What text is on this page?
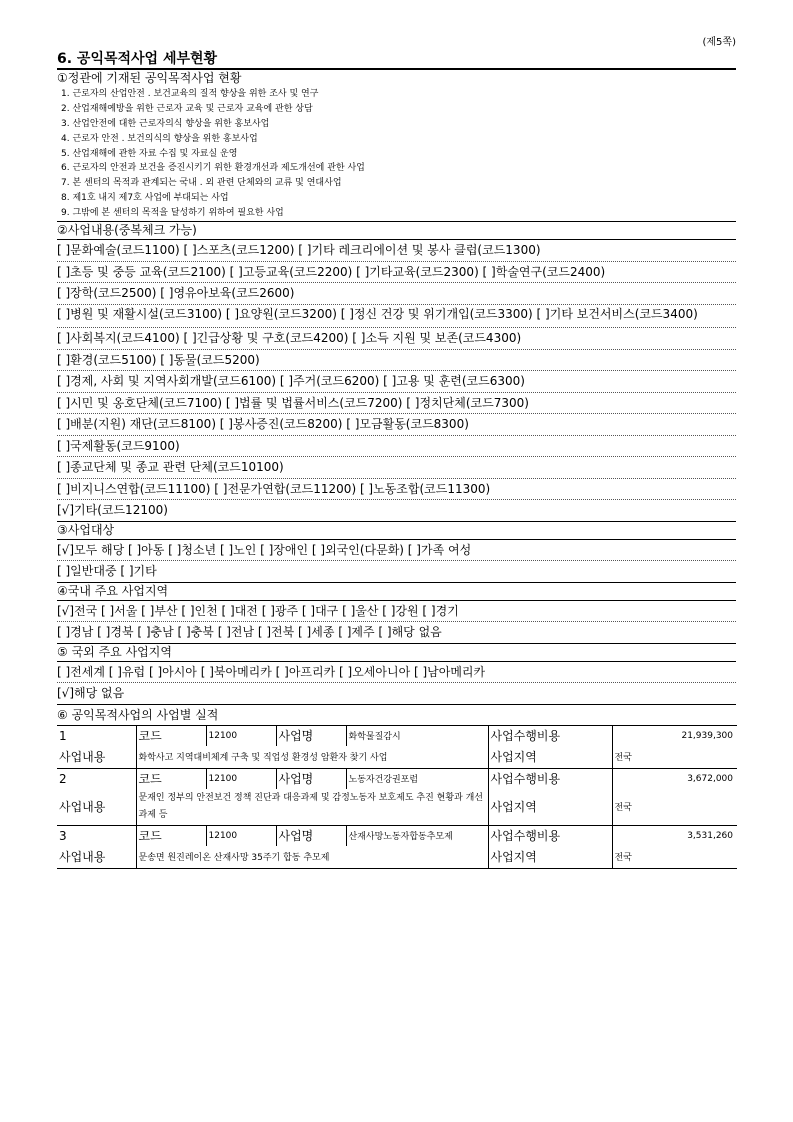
(제5쪽)
6. 공익목적사업 세부현황
①정관에 기재된 공익목적사업 현황
1. 근로자의 산업안전 . 보건교육의 질적 향상을 위한 조사 및 연구
2. 산업재해예방을 위한 근로자 교육 및 근로자 교육에 관한 상담
3. 산업안전에 대한 근로자의식 향상을 위한 홍보사업
4. 근로자 안전 . 보건의식의 향상을 위한 홍보사업
5. 산업재해에 관한 자료 수집 및 자료실 운영
6. 근로자의 안전과 보건을 증진시키기 위한 환경개선과 제도개선에 관한 사업
7. 본 센터의 목적과 관계되는 국내 . 외 관련 단체와의 교류 및 연대사업
8. 제1호 내지 제7호 사업에 부대되는 사업
9. 그밖에 본 센터의 목적을 달성하기 위하여 필요한 사업
②사업내용(중복체크 가능)
[ ]문화예술(코드1100) [ ]스포츠(코드1200) [ ]기타 레크리에이션 및 봉사 클럽(코드1300)
[ ]초등 및 중등 교육(코드2100) [ ]고등교육(코드2200) [ ]기타교육(코드2300) [ ]학술연구(코드2400)
[ ]장학(코드2500) [ ]영유아보육(코드2600)
[ ]병원 및 재활시설(코드3100) [ ]요양원(코드3200) [ ]정신 건강 및 위기개입(코드3300) [ ]기타 보건서비스(코드3400)
[ ]사회복지(코드4100) [ ]긴급상황 및 구호(코드4200) [ ]소득 지원 및 보존(코드4300)
[ ]환경(코드5100) [ ]동물(코드5200)
[ ]경제, 사회 및 지역사회개발(코드6100) [ ]주거(코드6200) [ ]고용 및 훈련(코드6300)
[ ]시민 및 옹호단체(코드7100) [ ]법률 및 법률서비스(코드7200) [ ]정치단체(코드7300)
[ ]배분(지원) 재단(코드8100) [ ]봉사증진(코드8200) [ ]모금활동(코드8300)
[ ]국제활동(코드9100)
[ ]종교단체 및 종교 관련 단체(코드10100)
[ ]비지니스연합(코드11100) [ ]전문가연합(코드11200) [ ]노동조합(코드11300)
[√]기타(코드12100)
③사업대상
[√]모두 해당 [ ]아동 [ ]청소년 [ ]노인 [ ]장애인 [ ]외국인(다문화) [ ]가족 여성
[ ]일반대중 [ ]기타
④국내 주요 사업지역
[√]전국 [ ]서울 [ ]부산 [ ]인천 [ ]대전 [ ]광주 [ ]대구 [ ]울산 [ ]강원 [ ]경기
[ ]경남 [ ]경북 [ ]충남 [ ]충북 [ ]전남 [ ]전북 [ ]세종 [ ]제주 [ ]해당 없음
⑤ 국외 주요 사업지역
[ ]전세계 [ ]유럽 [ ]아시아 [ ]북아메리카 [ ]아프리카 [ ]오세아니아 [ ]남아메리카
[√]해당 없음
⑥ 공익목적사업의 사업별 실적
1	코드	12100	사업명	화학물질감시	사업수행비용	21,939,300
사업내용	화학사고 지역대비체계 구축 및 직업성 환경성 암환자 찾기 사업				사업지역	전국
2	코드	12100	사업명	노동자건강권포럼	사업수행비용	3,672,000
사업내용	문재인 정부의 안전보건 정책 진단과 대응과제 및 감정노동자 보호제도 추진 현황과 개선 과제 등				사업지역	전국
3	코드	12100	사업명	산재사망노동자합동추모제	사업수행비용	3,531,260
사업내용	문송면 원진레이온 산재사망 35주기 합동 추모제				사업지역	전국
